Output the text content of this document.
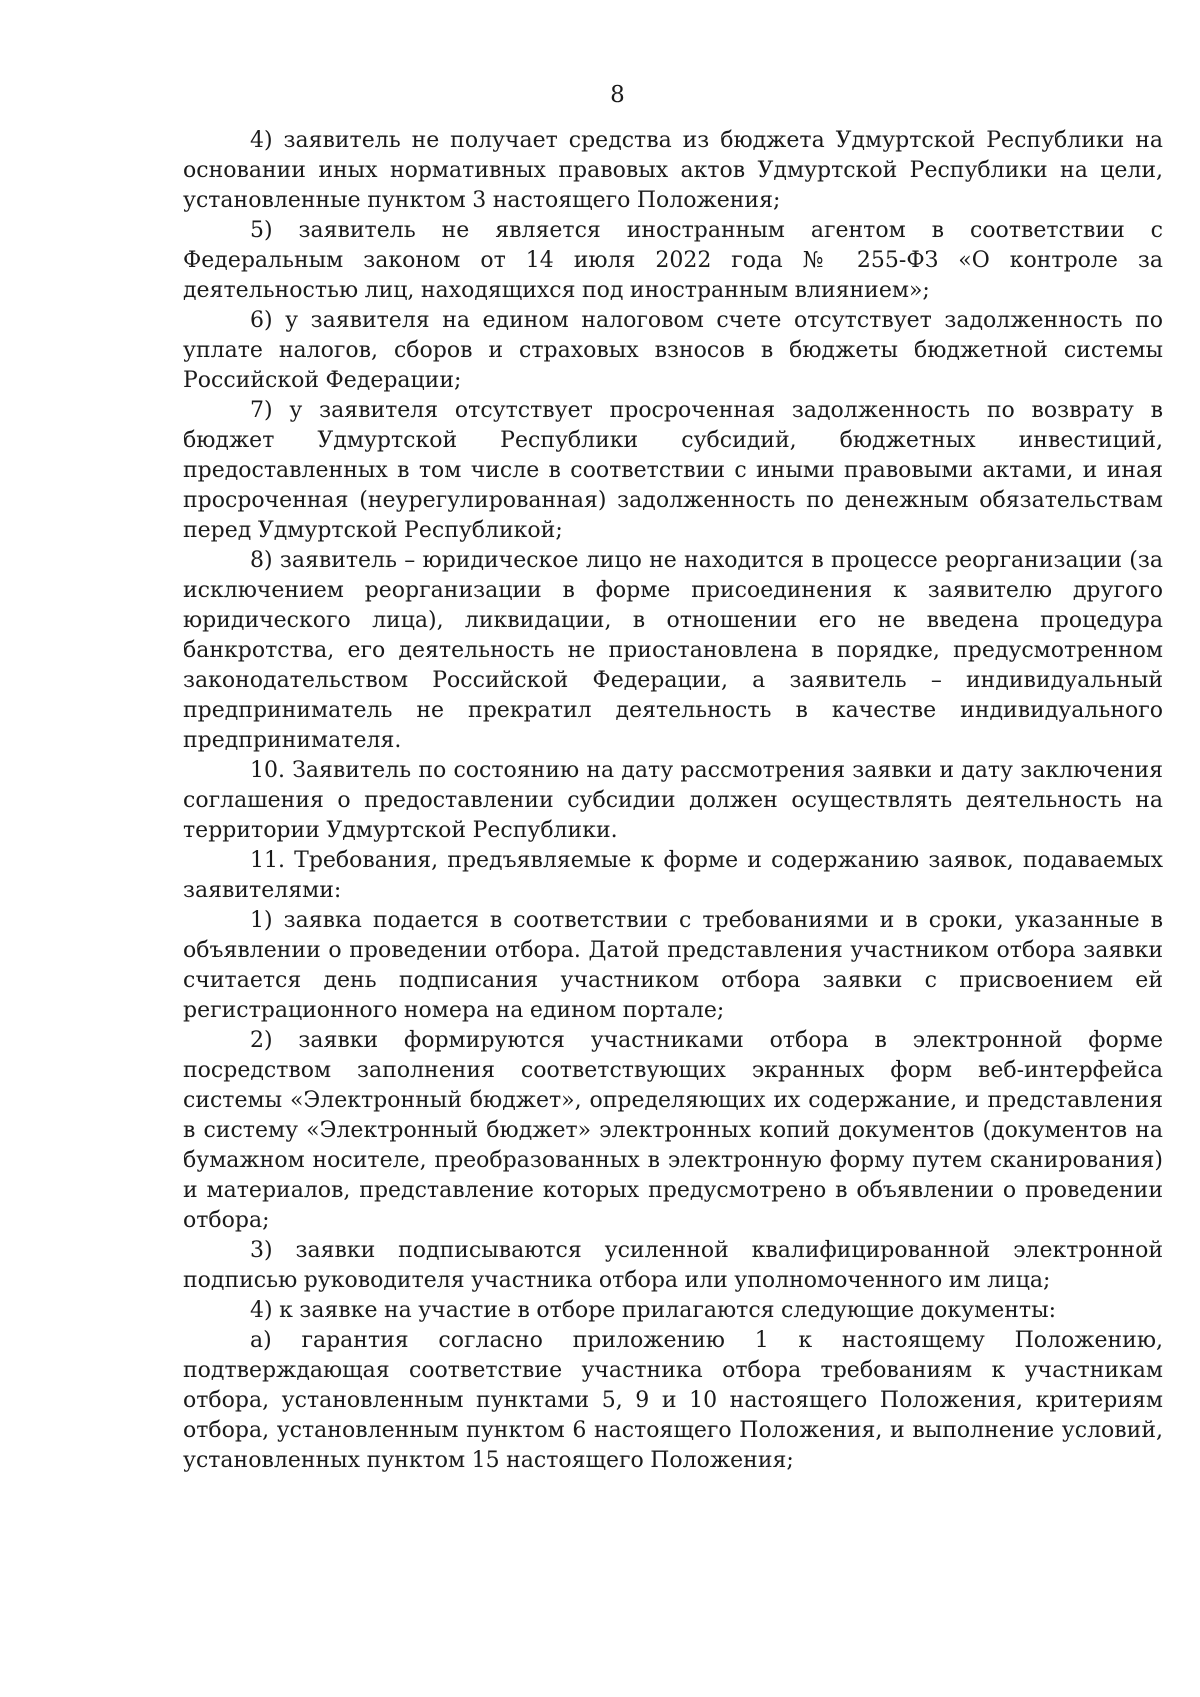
8

4) заявитель не получает средства из бюджета Удмуртской Республики на основании иных нормативных правовых актов Удмуртской Республики на цели, установленные пунктом 3 настоящего Положения;

5) заявитель не является иностранным агентом в соответствии с Федеральным законом от 14 июля 2022 года № 255-ФЗ «О контроле за деятельностью лиц, находящихся под иностранным влиянием»;

6) у заявителя на едином налоговом счете отсутствует задолженность по уплате налогов, сборов и страховых взносов в бюджеты бюджетной системы Российской Федерации;

7) у заявителя отсутствует просроченная задолженность по возврату в бюджет Удмуртской Республики субсидий, бюджетных инвестиций, предоставленных в том числе в соответствии с иными правовыми актами, и иная просроченная (неурегулированная) задолженность по денежным обязательствам перед Удмуртской Республикой;

8) заявитель – юридическое лицо не находится в процессе реорганизации (за исключением реорганизации в форме присоединения к заявителю другого юридического лица), ликвидации, в отношении его не введена процедура банкротства, его деятельность не приостановлена в порядке, предусмотренном законодательством Российской Федерации, а заявитель – индивидуальный предприниматель не прекратил деятельность в качестве индивидуального предпринимателя.

10. Заявитель по состоянию на дату рассмотрения заявки и дату заключения соглашения о предоставлении субсидии должен осуществлять деятельность на территории Удмуртской Республики.

11. Требования, предъявляемые к форме и содержанию заявок, подаваемых заявителями:

1) заявка подается в соответствии с требованиями и в сроки, указанные в объявлении о проведении отбора. Датой представления участником отбора заявки считается день подписания участником отбора заявки с присвоением ей регистрационного номера на едином портале;

2) заявки формируются участниками отбора в электронной форме посредством заполнения соответствующих экранных форм веб-интерфейса системы «Электронный бюджет», определяющих их содержание, и представления в систему «Электронный бюджет» электронных копий документов (документов на бумажном носителе, преобразованных в электронную форму путем сканирования) и материалов, представление которых предусмотрено в объявлении о проведении отбора;

3) заявки подписываются усиленной квалифицированной электронной подписью руководителя участника отбора или уполномоченного им лица;

4) к заявке на участие в отборе прилагаются следующие документы:

а) гарантия согласно приложению 1 к настоящему Положению, подтверждающая соответствие участника отбора требованиям к участникам отбора, установленным пунктами 5, 9 и 10 настоящего Положения, критериям отбора, установленным пунктом 6 настоящего Положения, и выполнение условий, установленных пунктом 15 настоящего Положения;
